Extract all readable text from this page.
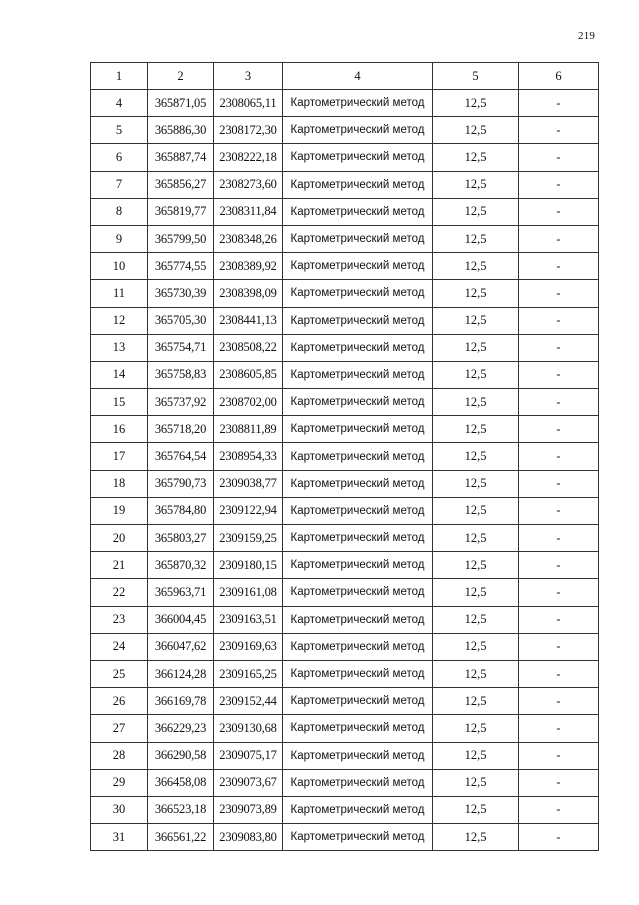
219
1	2	3	4	5	6
4	365871,05	2308065,11	Картометрический метод	12,5	-
5	365886,30	2308172,30	Картометрический метод	12,5	-
6	365887,74	2308222,18	Картометрический метод	12,5	-
7	365856,27	2308273,60	Картометрический метод	12,5	-
8	365819,77	2308311,84	Картометрический метод	12,5	-
9	365799,50	2308348,26	Картометрический метод	12,5	-
10	365774,55	2308389,92	Картометрический метод	12,5	-
11	365730,39	2308398,09	Картометрический метод	12,5	-
12	365705,30	2308441,13	Картометрический метод	12,5	-
13	365754,71	2308508,22	Картометрический метод	12,5	-
14	365758,83	2308605,85	Картометрический метод	12,5	-
15	365737,92	2308702,00	Картометрический метод	12,5	-
16	365718,20	2308811,89	Картометрический метод	12,5	-
17	365764,54	2308954,33	Картометрический метод	12,5	-
18	365790,73	2309038,77	Картометрический метод	12,5	-
19	365784,80	2309122,94	Картометрический метод	12,5	-
20	365803,27	2309159,25	Картометрический метод	12,5	-
21	365870,32	2309180,15	Картометрический метод	12,5	-
22	365963,71	2309161,08	Картометрический метод	12,5	-
23	366004,45	2309163,51	Картометрический метод	12,5	-
24	366047,62	2309169,63	Картометрический метод	12,5	-
25	366124,28	2309165,25	Картометрический метод	12,5	-
26	366169,78	2309152,44	Картометрический метод	12,5	-
27	366229,23	2309130,68	Картометрический метод	12,5	-
28	366290,58	2309075,17	Картометрический метод	12,5	-
29	366458,08	2309073,67	Картометрический метод	12,5	-
30	366523,18	2309073,89	Картометрический метод	12,5	-
31	366561,22	2309083,80	Картометрический метод	12,5	-
